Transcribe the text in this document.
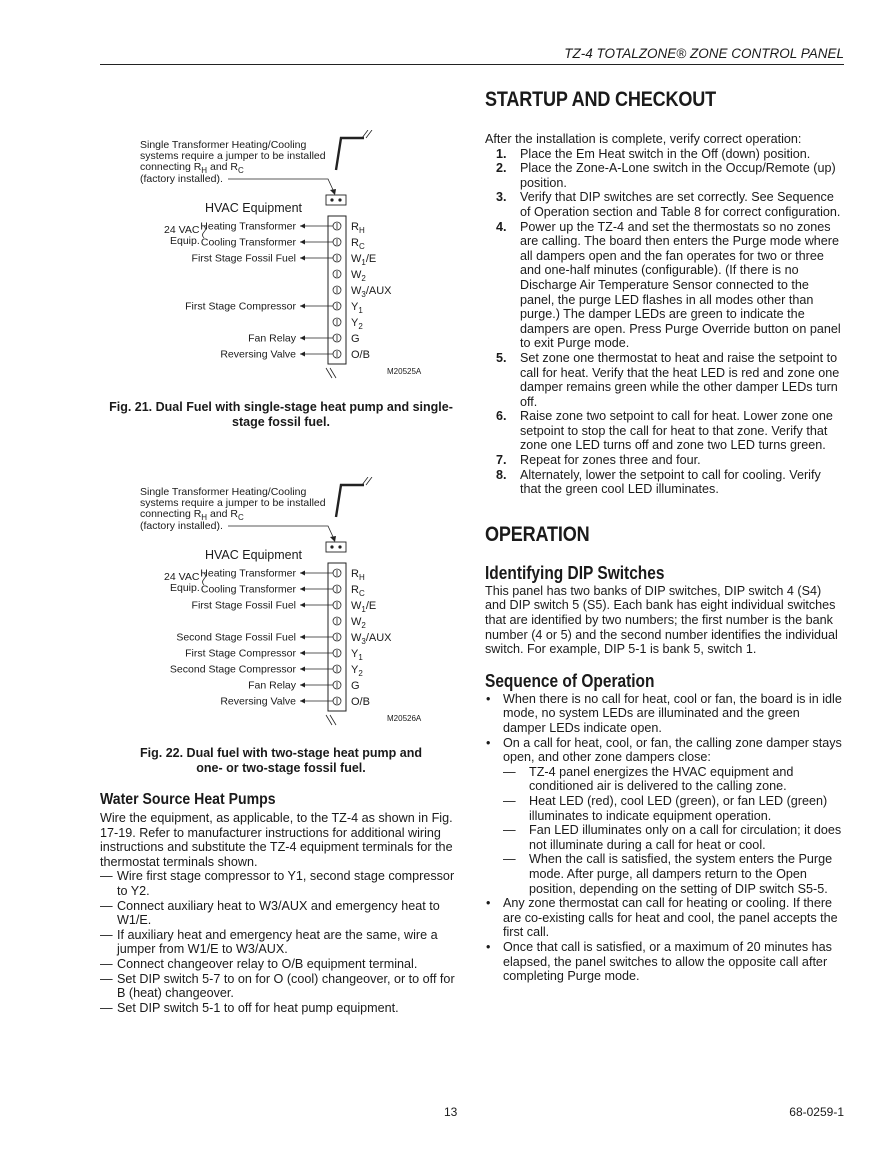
TZ-4 TOTALZONE® ZONE CONTROL PANEL
Single Transformer Heating/Cooling
systems require a jumper to be installed
connecting $R_H$ and $R_C$
(factory installed).
HVAC Equipment
24 VAC
Equip.
$R_H$
Heating Transformer
$R_C$
Cooling Transformer
$W_1/E$
First Stage Fossil Fuel
$W_2$
$W_3$/AUX
$Y_1$
First Stage Compressor
$Y_2$
G
Fan Relay
O/B
Reversing Valve
M20525A
Fig. 21. Dual Fuel with single-stage heat pump and single-
stage fossil fuel.
Single Transformer Heating/Cooling
systems require a jumper to be installed
connecting $R_H$ and $R_C$
(factory installed).
HVAC Equipment
24 VAC
Equip.
$R_H$
Heating Transformer
$R_C$
Cooling Transformer
$W_1/E$
First Stage Fossil Fuel
$W_2$
$W_3$/AUX
Second Stage Fossil Fuel
$Y_1$
First Stage Compressor
$Y_2$
Second Stage Compressor
G
Fan Relay
O/B
Reversing Valve
M20526A
Fig. 22. Dual fuel with two-stage heat pump and
one- or two-stage fossil fuel.
Water Source Heat Pumps
Wire the equipment, as applicable, to the TZ-4 as shown in Fig. 17-19. Refer to manufacturer instructions for additional wiring instructions and substitute the TZ-4 equipment terminals for the thermostat terminals shown.
— Wire first stage compressor to Y1, second stage compressor to Y2.
— Connect auxiliary heat to W3/AUX and emergency heat to W1/E.
— If auxiliary heat and emergency heat are the same, wire a jumper from W1/E to W3/AUX.
— Connect changeover relay to O/B equipment terminal.
— Set DIP switch 5-7 to on for O (cool) changeover, or to off for B (heat) changeover.
— Set DIP switch 5-1 to off for heat pump equipment.
STARTUP AND CHECKOUT
After the installation is complete, verify correct operation:
1. Place the Em Heat switch in the Off (down) position.
2. Place the Zone-A-Lone switch in the Occup/Remote (up) position.
3. Verify that DIP switches are set correctly. See Sequence of Operation section and Table 8 for correct configuration.
4. Power up the TZ-4 and set the thermostats so no zones are calling. The board then enters the Purge mode where all dampers open and the fan operates for two or three and one-half minutes (configurable). (If there is no Discharge Air Temperature Sensor connected to the panel, the purge LED flashes in all modes other than purge.) The damper LEDs are green to indicate the dampers are open. Press Purge Override button on panel to exit Purge mode.
5. Set zone one thermostat to heat and raise the setpoint to call for heat. Verify that the heat LED is red and zone one damper remains green while the other damper LEDs turn off.
6. Raise zone two setpoint to call for heat. Lower zone one setpoint to stop the call for heat to that zone. Verify that zone one LED turns off and zone two LED turns green.
7. Repeat for zones three and four.
8. Alternately, lower the setpoint to call for cooling. Verify that the green cool LED illuminates.
OPERATION
Identifying DIP Switches
This panel has two banks of DIP switches, DIP switch 4 (S4) and DIP switch 5 (S5). Each bank has eight individual switches that are identified by two numbers; the first number is the bank number (4 or 5) and the second number identifies the individual switch. For example, DIP 5-1 is bank 5, switch 1.
Sequence of Operation
• When there is no call for heat, cool or fan, the board is in idle mode, no system LEDs are illuminated and the green damper LEDs indicate open.
• On a call for heat, cool, or fan, the calling zone damper stays open, and other zone dampers close:
— TZ-4 panel energizes the HVAC equipment and conditioned air is delivered to the calling zone.
— Heat LED (red), cool LED (green), or fan LED (green) illuminates to indicate equipment operation.
— Fan LED illuminates only on a call for circulation; it does not illuminate during a call for heat or cool.
— When the call is satisfied, the system enters the Purge mode. After purge, all dampers return to the Open position, depending on the setting of DIP switch S5-5.
• Any zone thermostat can call for heating or cooling. If there are co-existing calls for heat and cool, the panel accepts the first call.
• Once that call is satisfied, or a maximum of 20 minutes has elapsed, the panel switches to allow the opposite call after completing Purge mode.
13	68-0259-1
